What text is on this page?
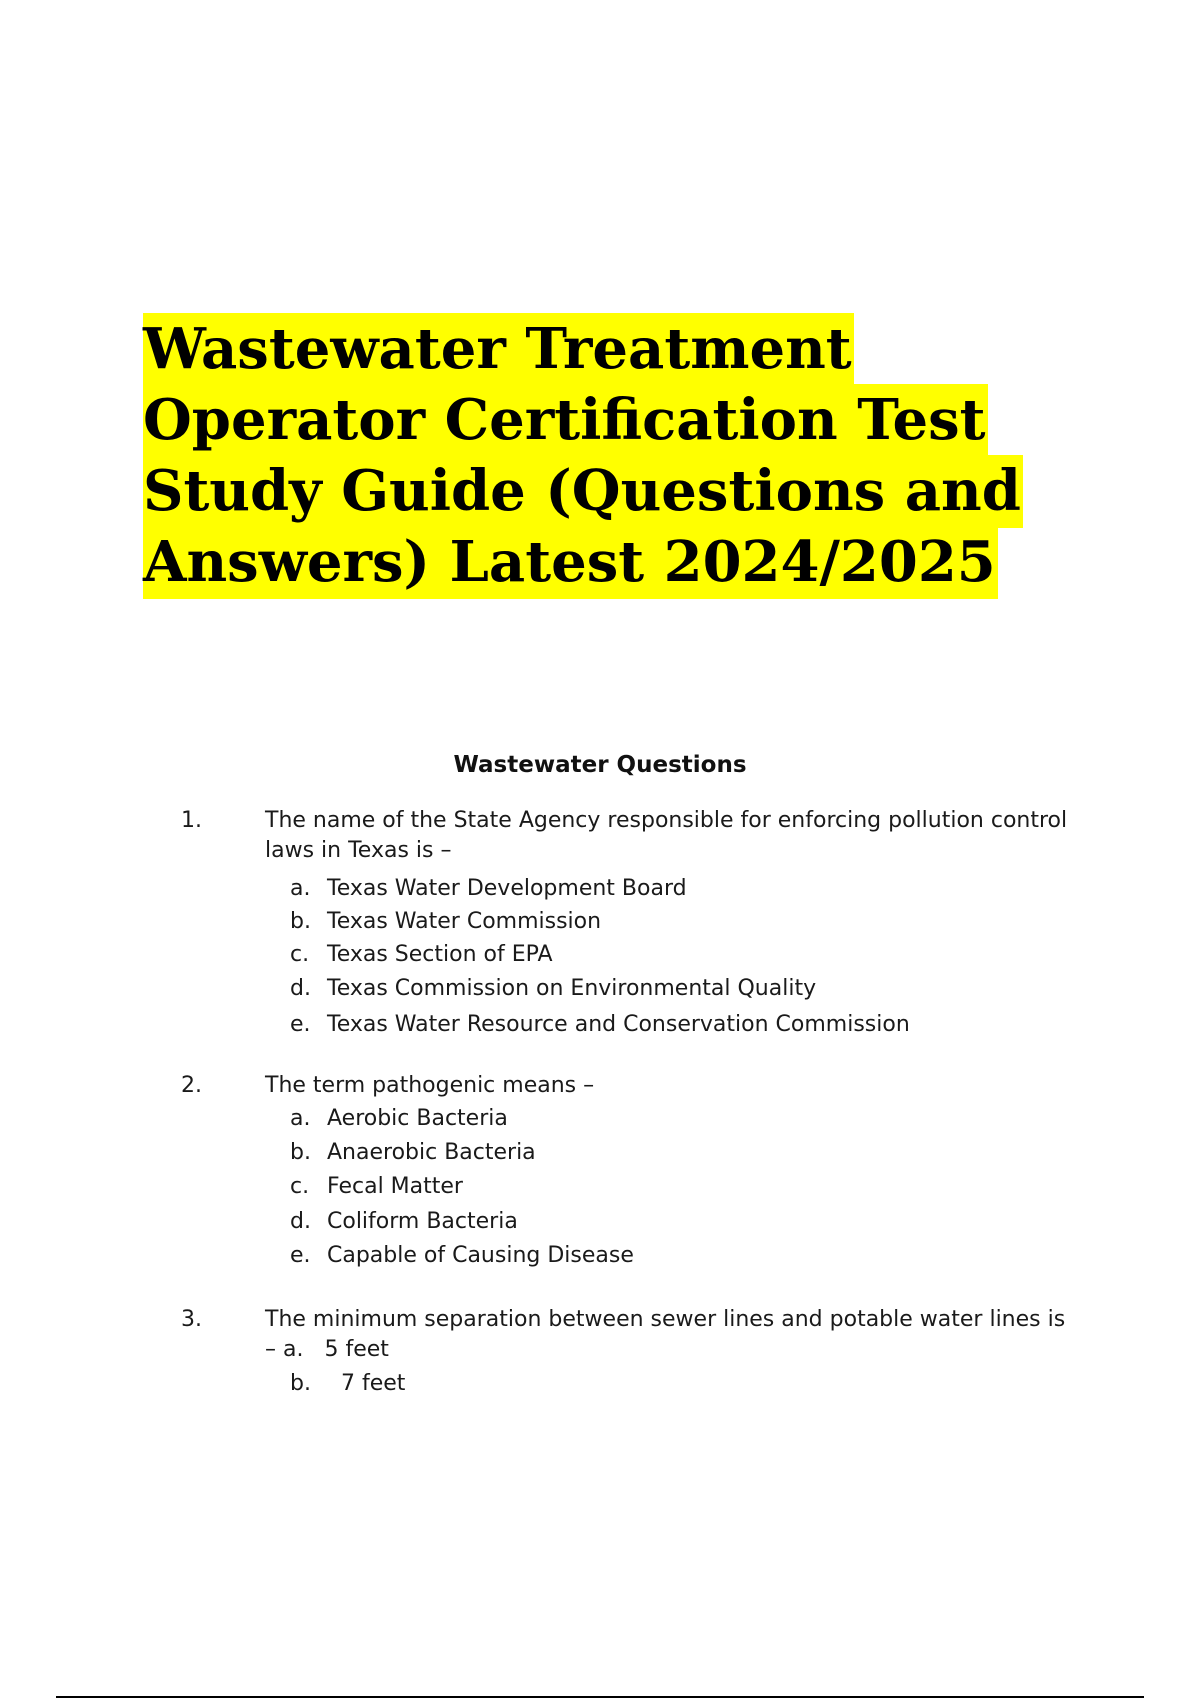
Wastewater Treatment Operator Certification Test Study Guide (Questions and Answers) Latest 2024/2025
Wastewater Questions
1.	The name of the State Agency responsible for enforcing pollution control laws in Texas is –
a. Texas Water Development Board
b. Texas Water Commission
c. Texas Section of EPA
d. Texas Commission on Environmental Quality
e. Texas Water Resource and Conservation Commission
2.	The term pathogenic means –
a. Aerobic Bacteria
b. Anaerobic Bacteria
c. Fecal Matter
d. Coliform Bacteria
e. Capable of Causing Disease
3.	The minimum separation between sewer lines and potable water lines is
– a. 5 feet
b. 7 feet
